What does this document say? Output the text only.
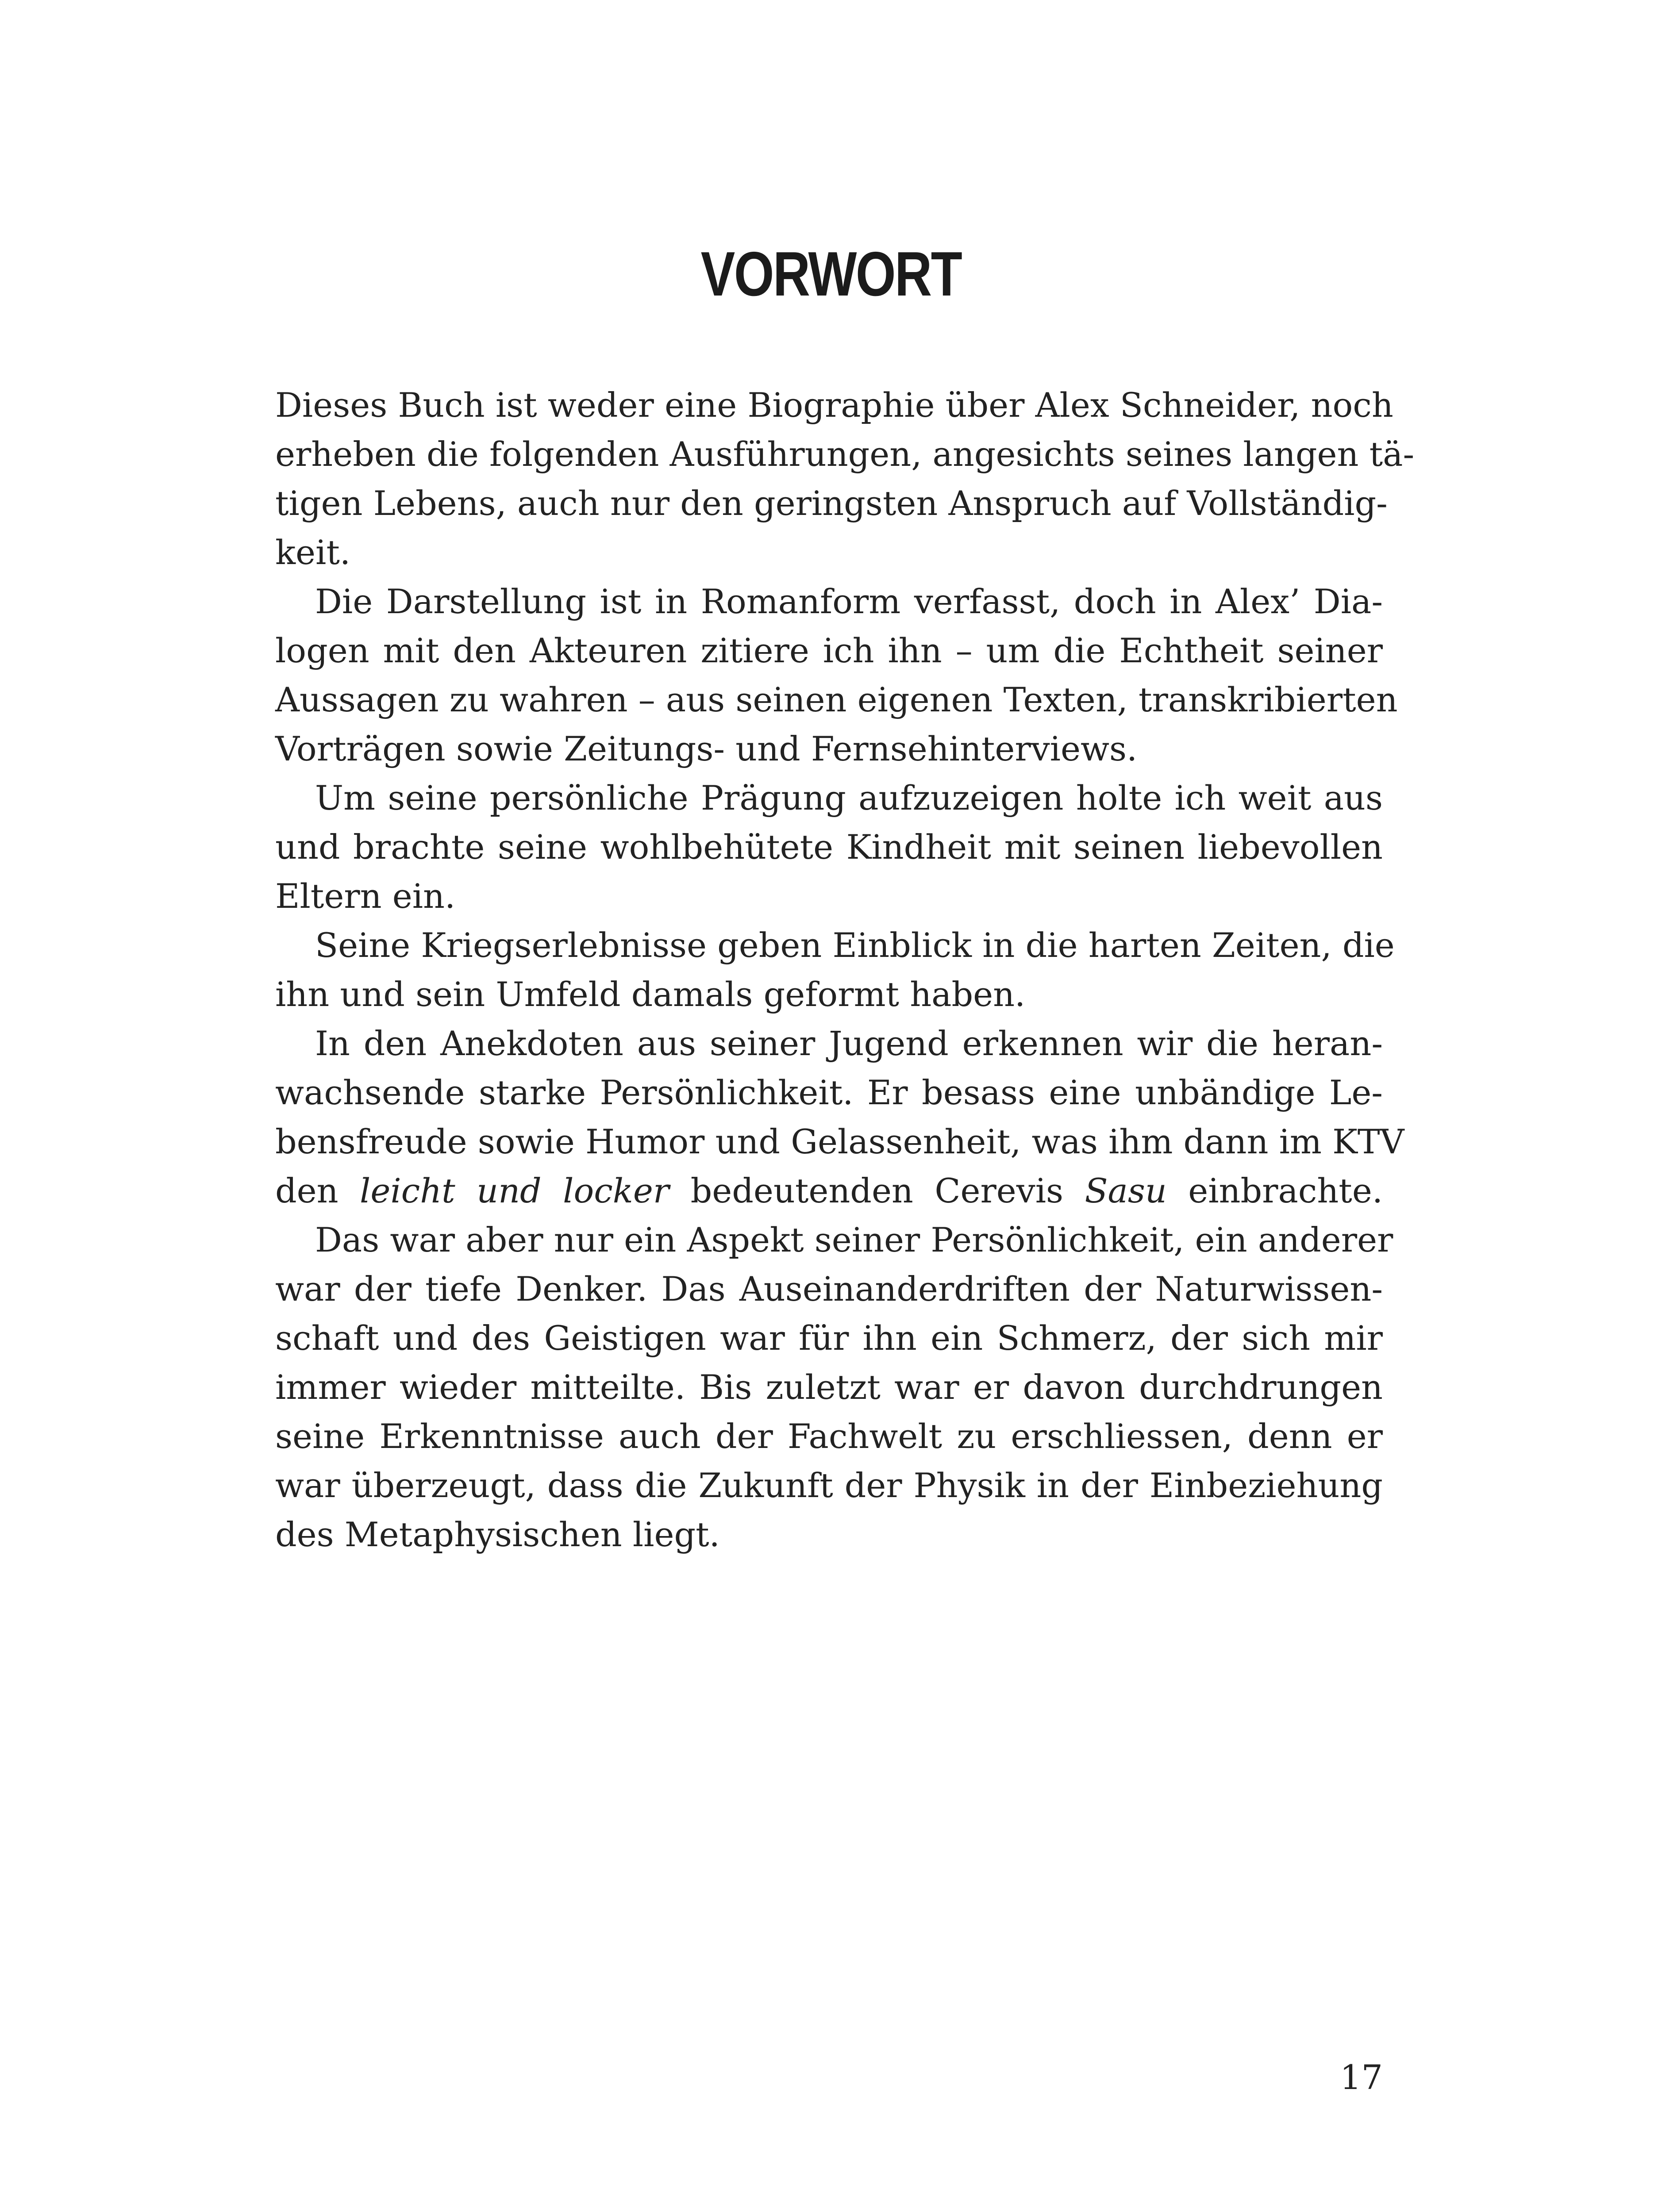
VORWORT
Dieses Buch ist weder eine Biographie über Alex Schneider, noch
erheben die folgenden Ausführungen, angesichts seines langen tä-
tigen Lebens, auch nur den geringsten Anspruch auf Vollständig-
keit.
Die Darstellung ist in Romanform verfasst, doch in Alex’ Dia-
logen mit den Akteuren zitiere ich ihn – um die Echtheit seiner
Aussagen zu wahren – aus seinen eigenen Texten, transkribierten
Vorträgen sowie Zeitungs- und Fernsehinterviews.
Um seine persönliche Prägung aufzuzeigen holte ich weit aus
und brachte seine wohlbehütete Kindheit mit seinen liebevollen
Eltern ein.
Seine Kriegserlebnisse geben Einblick in die harten Zeiten, die
ihn und sein Umfeld damals geformt haben.
In den Anekdoten aus seiner Jugend erkennen wir die heran-
wachsende starke Persönlichkeit. Er besass eine unbändige Le-
bensfreude sowie Humor und Gelassenheit, was ihm dann im KTV
den leicht und locker bedeutenden Cerevis Sasu einbrachte.
Das war aber nur ein Aspekt seiner Persönlichkeit, ein anderer
war der tiefe Denker. Das Auseinanderdriften der Naturwissen-
schaft und des Geistigen war für ihn ein Schmerz, der sich mir
immer wieder mitteilte. Bis zuletzt war er davon durchdrungen
seine Erkenntnisse auch der Fachwelt zu erschliessen, denn er
war überzeugt, dass die Zukunft der Physik in der Einbeziehung
des Metaphysischen liegt.
17
